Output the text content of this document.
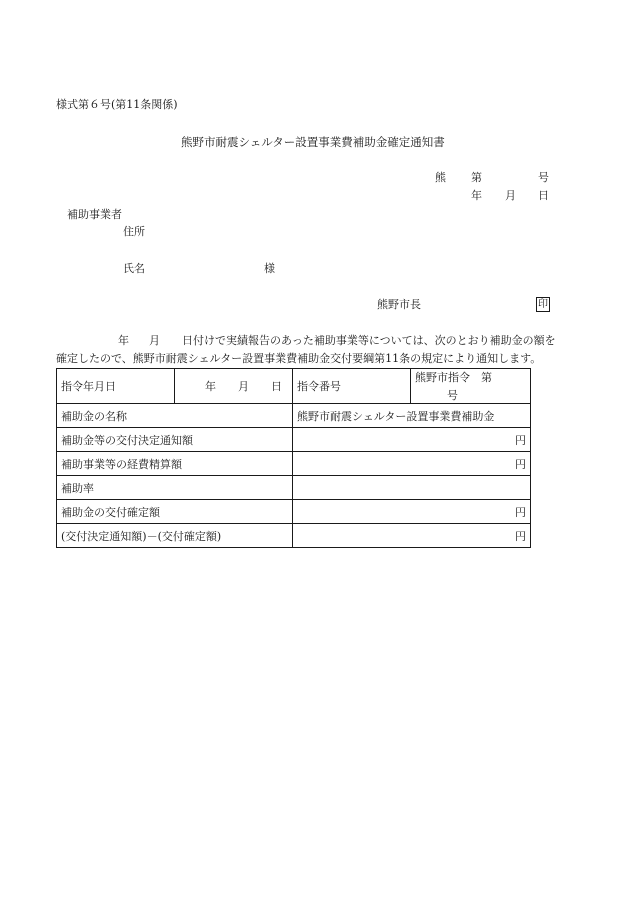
様式第６号(第11条関係)
熊野市耐震シェルター設置事業費補助金確定通知書
熊 第	号
年 月 日
補助事業者
住所
氏名	様
熊野市長	印
年 月 日付けで実績報告のあった補助事業等については、次のとおり補助金の額を
確定したので、熊野市耐震シェルター設置事業費補助金交付要綱第11条の規定により通知します。
指令年月日	年 月 日	指令番号	熊野市指令　第
号

補助金の名称		熊野市耐震シェルター設置事業費補助金	
補助金等の交付決定通知額		円	
補助事業等の経費精算額		円	
補助率			
補助金の交付確定額		円	
(交付決定通知額)－(交付確定額)		円	
